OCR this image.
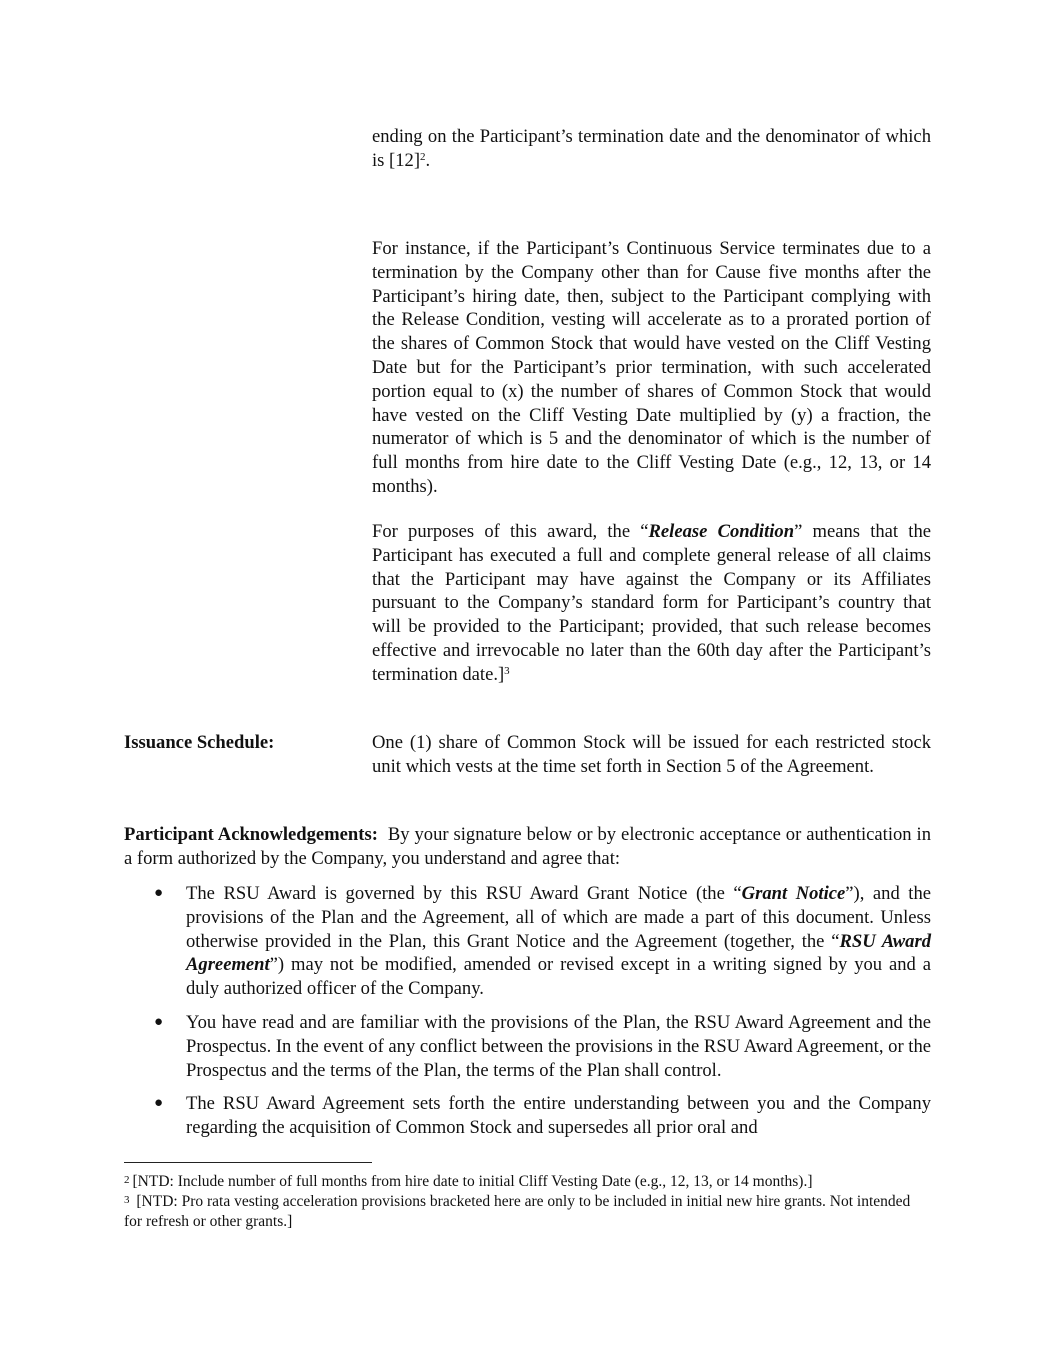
ending on the Participant’s termination date and the denominator of which is $[12]^2$.
For instance, if the Participant’s Continuous Service terminates due to a termination by the Company other than for Cause five months after the Participant’s hiring date, then, subject to the Participant complying with the Release Condition, vesting will accelerate as to a prorated portion of the shares of Common Stock that would have vested on the Cliff Vesting Date but for the Participant’s prior termination, with such accelerated portion equal to (x) the number of shares of Common Stock that would have vested on the Cliff Vesting Date multiplied by (y) a fraction, the numerator of which is 5 and the denominator of which is the number of full months from hire date to the Cliff Vesting Date (e.g., 12, 13, or 14 months).
For purposes of this award, the “Release Condition” means that the Participant has executed a full and complete general release of all claims that the Participant may have against the Company or its Affiliates pursuant to the Company’s standard form for Participant’s country that will be provided to the Participant; provided, that such release becomes effective and irrevocable no later than the 60th day after the Participant’s termination date.]$^3$
Issuance Schedule:	One (1) share of Common Stock will be issued for each restricted stock unit which vests at the time set forth in Section 5 of the Agreement.
Participant Acknowledgements: By your signature below or by electronic acceptance or authentication in a form authorized by the Company, you understand and agree that:
● The RSU Award is governed by this RSU Award Grant Notice (the “Grant Notice”), and the provisions of the Plan and the Agreement, all of which are made a part of this document. Unless otherwise provided in the Plan, this Grant Notice and the Agreement (together, the “RSU Award Agreement”) may not be modified, amended or revised except in a writing signed by you and a duly authorized officer of the Company.
● You have read and are familiar with the provisions of the Plan, the RSU Award Agreement and the Prospectus. In the event of any conflict between the provisions in the RSU Award Agreement, or the Prospectus and the terms of the Plan, the terms of the Plan shall control.
● The RSU Award Agreement sets forth the entire understanding between you and the Company regarding the acquisition of Common Stock and supersedes all prior oral and
$^2$ [NTD: Include number of full months from hire date to initial Cliff Vesting Date (e.g., 12, 13, or 14 months).]
$^3$ [NTD: Pro rata vesting acceleration provisions bracketed here are only to be included in initial new hire grants. Not intended for refresh or other grants.]
